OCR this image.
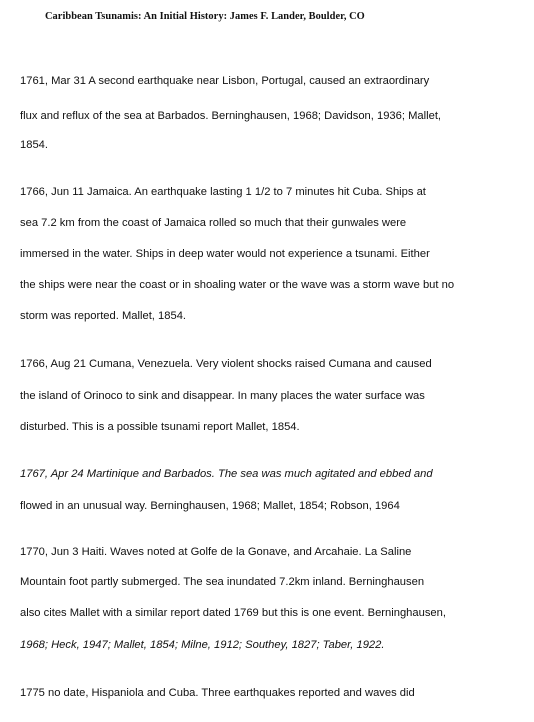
Caribbean Tsunamis: An Initial History: James F. Lander, Boulder, CO
1761, Mar 31 A second earthquake near Lisbon, Portugal, caused an extraordinary
flux and reflux of the sea at Barbados. Berninghausen, 1968; Davidson, 1936; Mallet,
1854.
1766, Jun 11 Jamaica. An earthquake lasting 1 1/2 to 7 minutes hit Cuba. Ships at
sea 7.2 km from the coast of Jamaica rolled so much that their gunwales were
immersed in the water. Ships in deep water would not experience a tsunami. Either
the ships were near the coast or in shoaling water or the wave was a storm wave but no
storm was reported. Mallet, 1854.
1766, Aug 21 Cumana, Venezuela. Very violent shocks raised Cumana and caused
the island of Orinoco to sink and disappear. In many places the water surface was
disturbed. This is a possible tsunami report Mallet, 1854.
1767, Apr 24 Martinique and Barbados. The sea was much agitated and ebbed and
flowed in an unusual way. Berninghausen, 1968; Mallet, 1854; Robson, 1964
1770, Jun 3 Haiti. Waves noted at Golfe de la Gonave, and Arcahaie. La Saline
Mountain foot partly submerged. The sea inundated 7.2km inland. Berninghausen
also cites Mallet with a similar report dated 1769 but this is one event. Berninghausen,
1968; Heck, 1947; Mallet, 1854; Milne, 1912; Southey, 1827; Taber, 1922.
1775 no date, Hispaniola and Cuba. Three earthquakes reported and waves did
